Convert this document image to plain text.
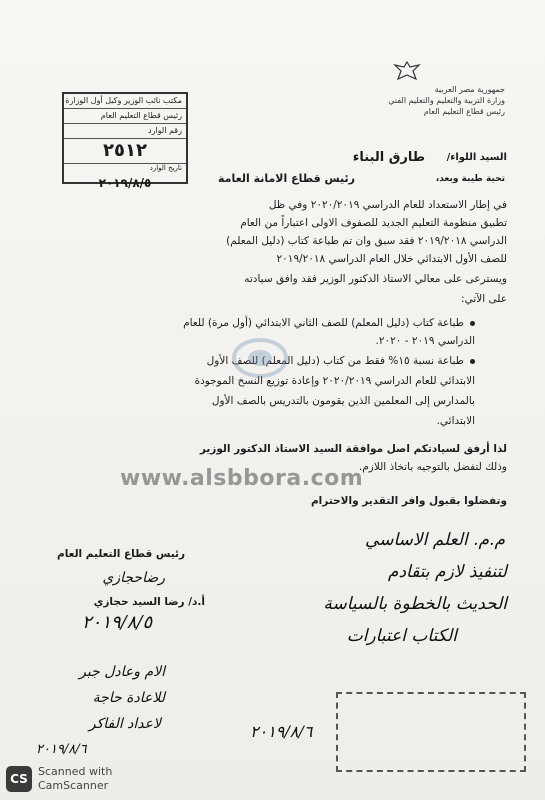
مكتب نائب الوزير وكيل أول الوزارة
رئيس قطاع التعليم العام
رقم الوارد
٢٥١٢
تاريخ الوارد
٢٠١٩/٨/٥
جمهورية مصر العربية
وزارة التربية والتعليم والتعليم الفني
رئيس قطاع التعليم العام
السيد اللواء/
طارق البناء
رئيس قطاع الامانة العامة	تحية طيبة وبعد،
في إطار الاستعداد للعام الدراسي ٢٠٢٠/٢٠١٩ وفي ظل
تطبيق منظومة التعليم الجديد للصفوف الاولى اعتباراً من العام
الدراسي ٢٠١٩/٢٠١٨ فقد سبق وان تم طباعة كتاب (دليل المعلم)
للصف الأول الابتدائي خلال العام الدراسي ٢٠١٩/٢٠١٨
ويسترعى على معالي الاستاذ الدكتور الوزير فقد وافق سيادته
على الآتي:
طباعة كتاب (دليل المعلم) للصف الثاني الابتدائي (أول مرة) للعام
الدراسي ٢٠١٩ - ٢٠٢٠.
طباعة نسبة ١٥% فقط من كتاب (دليل المعلم) للصف الأول
الابتدائي للعام الدراسي ٢٠٢٠/٢٠١٩ وإعادة توزيع النسخ الموجودة
بالمدارس إلى المعلمين الذين يقومون بالتدريس بالصف الأول
الابتدائي.
لذا أرفق لسيادتكم اصل موافقة السيد الاستاذ الدكتور الوزير
وذلك لتفضل بالتوجيه باتخاذ اللازم.
وتفضلوا بقبول وافر التقدير والاحترام
www.alsbbora.com
رئيس قطاع التعليم العام
رضاحجازي
أ.د/ رضا السيد حجازي
٢٠١٩/٨/٥
م.م. العلم الاساسي
لتنفيذ لازم بتقادم
الحديث بالخطوة بالسياسة
الكتاب اعتبارات
الام وعادل جبر
للاعادة حاجة
لاعداد الفاكر
٢٠١٩/٨/٦
٢٠١٩/٨/٦
CS
Scanned with
CamScanner
